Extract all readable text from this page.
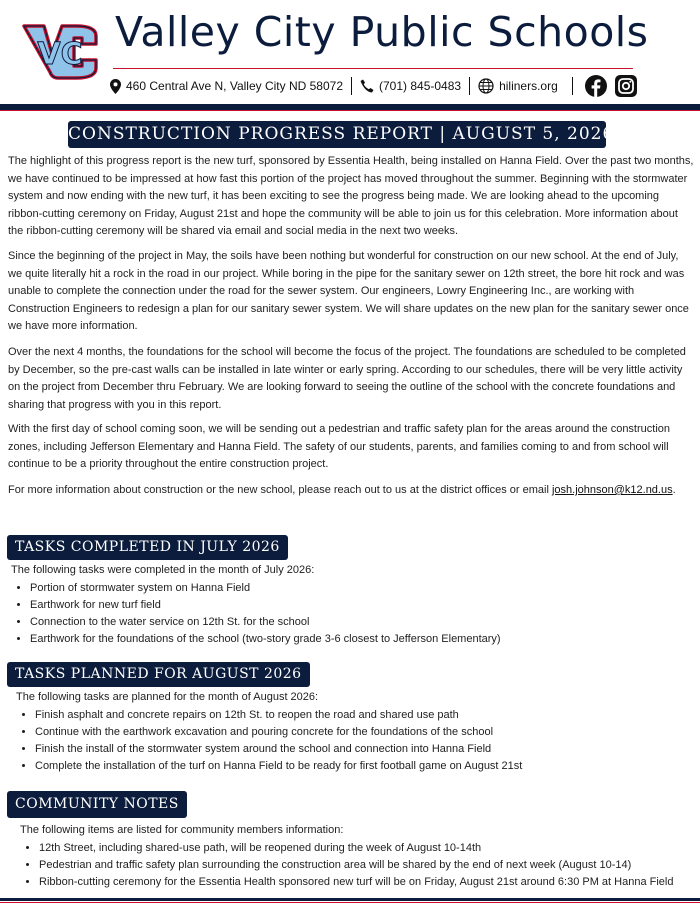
VC Valley City Public Schools
460 Central Ave N, Valley City ND 58072	(701) 845-0483	hiliners.org
CONSTRUCTION PROGRESS REPORT | AUGUST 5, 2026

The highlight of this progress report is the new turf, sponsored by Essentia Health, being installed on Hanna Field. Over the past two months, we have continued to be impressed at how fast this portion of the project has moved throughout the summer. Beginning with the stormwater system and now ending with the new turf, it has been exciting to see the progress being made. We are looking ahead to the upcoming ribbon-cutting ceremony on Friday, August 21st and hope the community will be able to join us for this celebration. More information about the ribbon-cutting ceremony will be shared via email and social media in the next two weeks.

Since the beginning of the project in May, the soils have been nothing but wonderful for construction on our new school. At the end of July, we quite literally hit a rock in the road in our project. While boring in the pipe for the sanitary sewer on 12th street, the bore hit rock and was unable to complete the connection under the road for the sewer system. Our engineers, Lowry Engineering Inc., are working with Construction Engineers to redesign a plan for our sanitary sewer system. We will share updates on the new plan for the sanitary sewer once we have more information.

Over the next 4 months, the foundations for the school will become the focus of the project. The foundations are scheduled to be completed by December, so the pre-cast walls can be installed in late winter or early spring. According to our schedules, there will be very little activity on the project from December thru February. We are looking forward to seeing the outline of the school with the concrete foundations and sharing that progress with you in this report.

With the first day of school coming soon, we will be sending out a pedestrian and traffic safety plan for the areas around the construction zones, including Jefferson Elementary and Hanna Field. The safety of our students, parents, and families coming to and from school will continue to be a priority throughout the entire construction project.

For more information about construction or the new school, please reach out to us at the district offices or email josh.johnson@k12.nd.us.

TASKS COMPLETED IN JULY 2026

The following tasks were completed in the month of July 2026:

• Portion of stormwater system on Hanna Field
• Earthwork for new turf field
• Connection to the water service on 12th St. for the school
• Earthwork for the foundations of the school (two-story grade 3-6 closest to Jefferson Elementary)
TASKS PLANNED FOR AUGUST 2026

The following tasks are planned for the month of August 2026:

• Finish asphalt and concrete repairs on 12th St. to reopen the road and shared use path
• Continue with the earthwork excavation and pouring concrete for the foundations of the school
• Finish the install of the stormwater system around the school and connection into Hanna Field
• Complete the installation of the turf on Hanna Field to be ready for first football game on August 21st
COMMUNITY NOTES

The following items are listed for community members information:

• 12th Street, including shared-use path, will be reopened during the week of August 10-14th
• Pedestrian and traffic safety plan surrounding the construction area will be shared by the end of next week (August 10-14)
• Ribbon-cutting ceremony for the Essentia Health sponsored new turf will be on Friday, August 21st around 6:30 PM at Hanna Field
